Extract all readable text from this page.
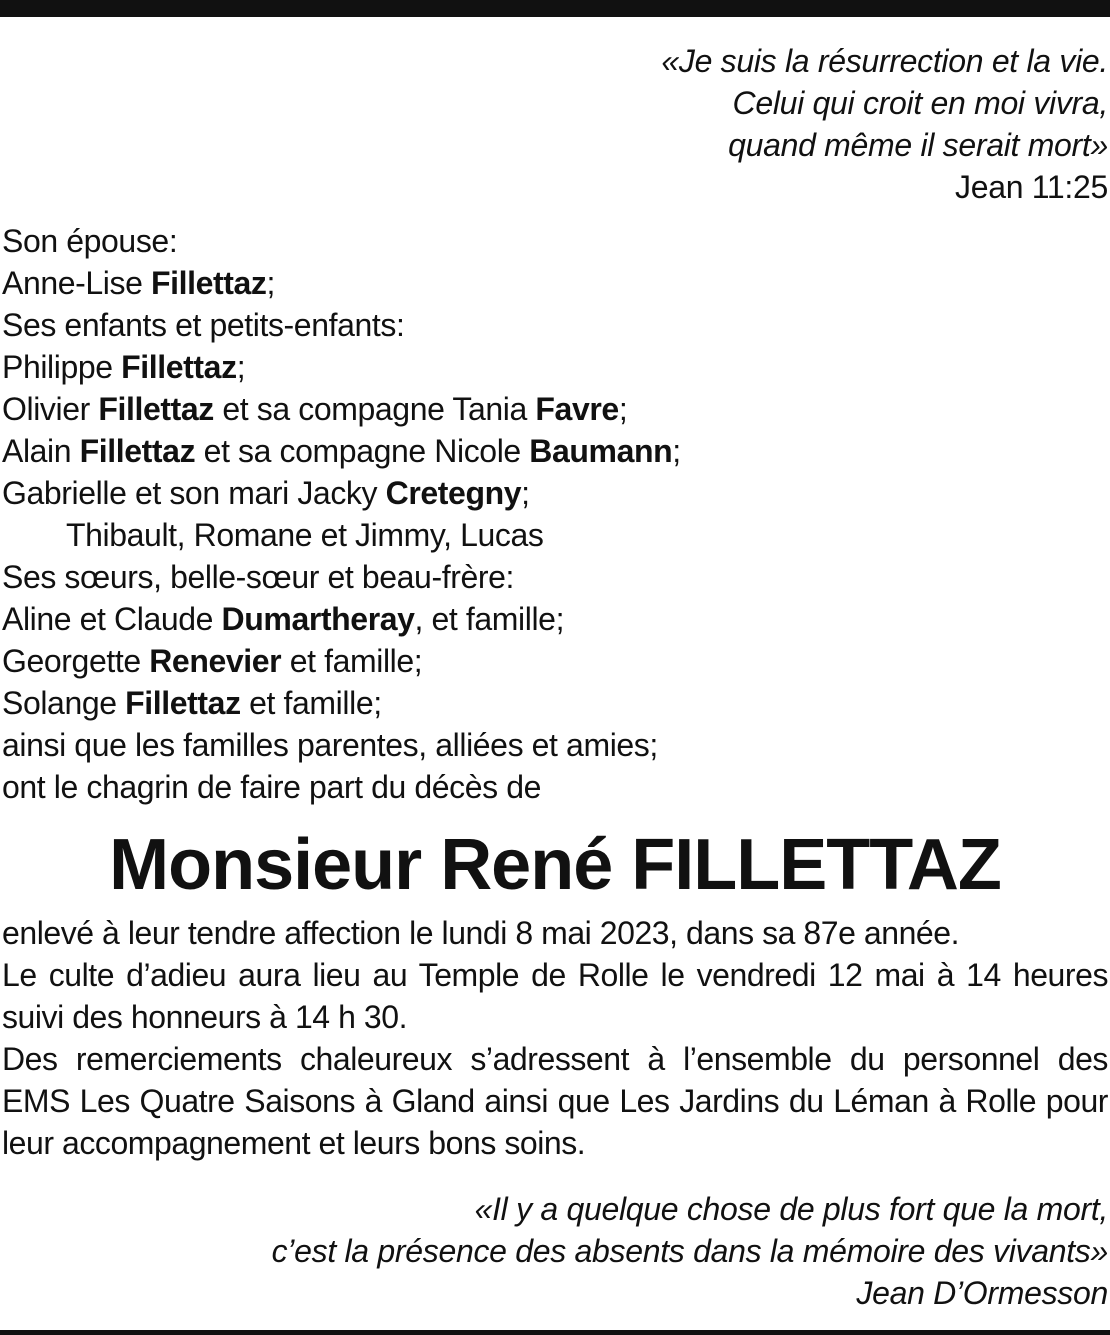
«Je suis la résurrection et la vie.
Celui qui croit en moi vivra,
quand même il serait mort»
Jean 11:25
Son épouse:
Anne-Lise Fillettaz;
Ses enfants et petits-enfants:
Philippe Fillettaz;
Olivier Fillettaz et sa compagne Tania Favre;
Alain Fillettaz et sa compagne Nicole Baumann;
Gabrielle et son mari Jacky Cretegny;
Thibault, Romane et Jimmy, Lucas
Ses sœurs, belle-sœur et beau-frère:
Aline et Claude Dumartheray, et famille;
Georgette Renevier et famille;
Solange Fillettaz et famille;
ainsi que les familles parentes, alliées et amies;
ont le chagrin de faire part du décès de
Monsieur René FILLETTAZ
enlevé à leur tendre affection le lundi 8 mai 2023, dans sa 87e année.
Le culte d’adieu aura lieu au Temple de Rolle le vendredi 12 mai à 14 heures
suivi des honneurs à 14 h 30.
Des remerciements chaleureux s’adressent à l’ensemble du personnel des
EMS Les Quatre Saisons à Gland ainsi que Les Jardins du Léman à Rolle pour
leur accompagnement et leurs bons soins.
«Il y a quelque chose de plus fort que la mort,
c’est la présence des absents dans la mémoire des vivants»
Jean D’Ormesson
